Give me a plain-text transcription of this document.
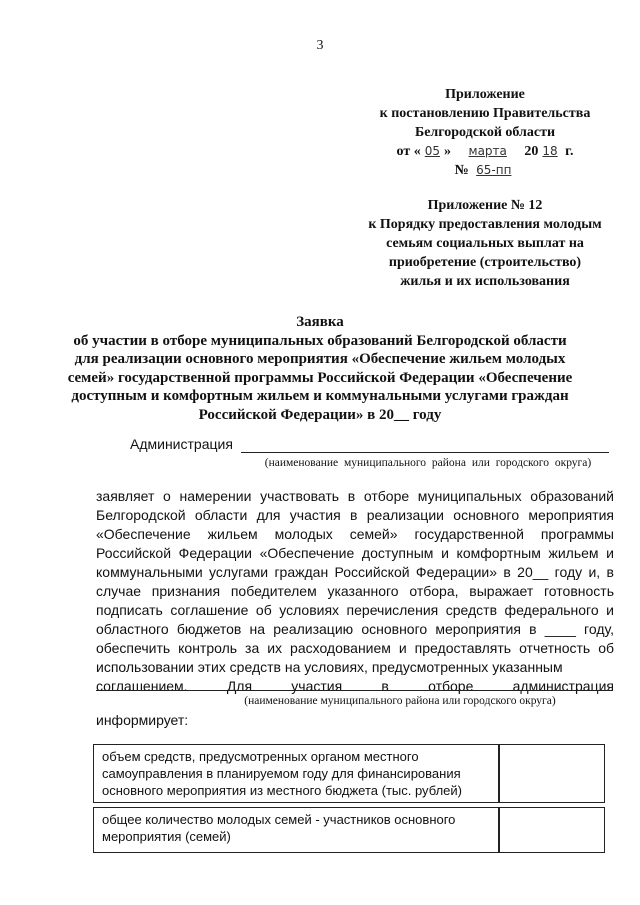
3
Приложение
к постановлению Правительства
Белгородской области
от « 05 » марта 20 18 г.
№ 65-пп
Приложение № 12
к Порядку предоставления молодым
семьям социальных выплат на
приобретение (строительство)
жилья и их использования
Заявка
об участии в отборе муниципальных образований Белгородской области
для реализации основного мероприятия «Обеспечение жильем молодых
семей» государственной программы Российской Федерации «Обеспечение
доступным и комфортным жильем и коммунальными услугами граждан
Российской Федерации» в 20__ году
Администрация
(наименование муниципального района или городского округа)

заявляет о намерении участвовать в отборе муниципальных образований Белгородской области для участия в реализации основного мероприятия «Обеспечение жильем молодых семей» государственной программы Российской Федерации «Обеспечение доступным и комфортным жильем и коммунальными услугами граждан Российской Федерации» в 20__ году и, в случае признания победителем указанного отбора, выражает готовность подписать соглашение об условиях перечисления средств федерального и областного бюджетов на реализацию основного мероприятия в ____ году, обеспечить контроль за их расходованием и предоставлять отчетность об использовании этих средств на условиях, предусмотренных указанным

соглашением.	Для	участия	в	отборе	администрация
(наименование муниципального района или городского округа)
информирует:
объем средств, предусмотренных органом местного самоуправления в планируемом году для финансирования основного мероприятия из местного бюджета (тыс. рублей)	

общее количество молодых семей - участников основного мероприятия (семей)	
